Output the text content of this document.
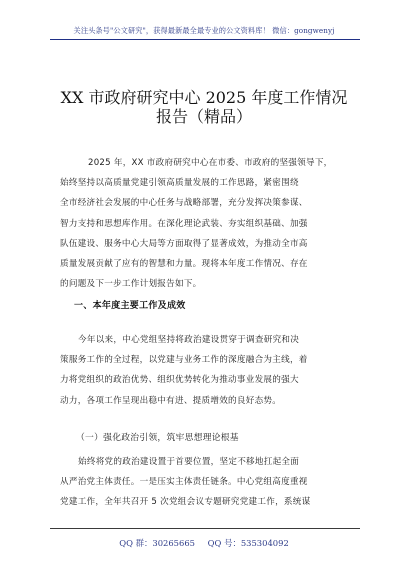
关注头条号"公文研究"，获得最新最全最专业的公文资料库！ 微信：gongwenyj
XX 市政府研究中心 2025 年度工作情况
报告（精品）
2025 年，XX 市政府研究中心在市委、市政府的坚强领导下，
始终坚持以高质量党建引领高质量发展的工作思路，紧密围绕
全市经济社会发展的中心任务与战略部署，充分发挥决策参谋、
智力支持和思想库作用。在深化理论武装、夯实组织基础、加强
队伍建设、服务中心大局等方面取得了显著成效，为推动全市高
质量发展贡献了应有的智慧和力量。现将本年度工作情况、存在
的问题及下一步工作计划报告如下。
一、本年度主要工作及成效
今年以来，中心党组坚持将政治建设贯穿于调查研究和决
策服务工作的全过程，以党建与业务工作的深度融合为主线，着
力将党组织的政治优势、组织优势转化为推动事业发展的强大
动力，各项工作呈现出稳中有进、提质增效的良好态势。
（一）强化政治引领，筑牢思想理论根基
始终将党的政治建设置于首要位置，坚定不移地扛起全面
从严治党主体责任。一是压实主体责任链条。中心党组高度重视
党建工作，全年共召开 5 次党组会议专题研究党建工作，系统谋
QQ 群：30265665 QQ 号：535304092
